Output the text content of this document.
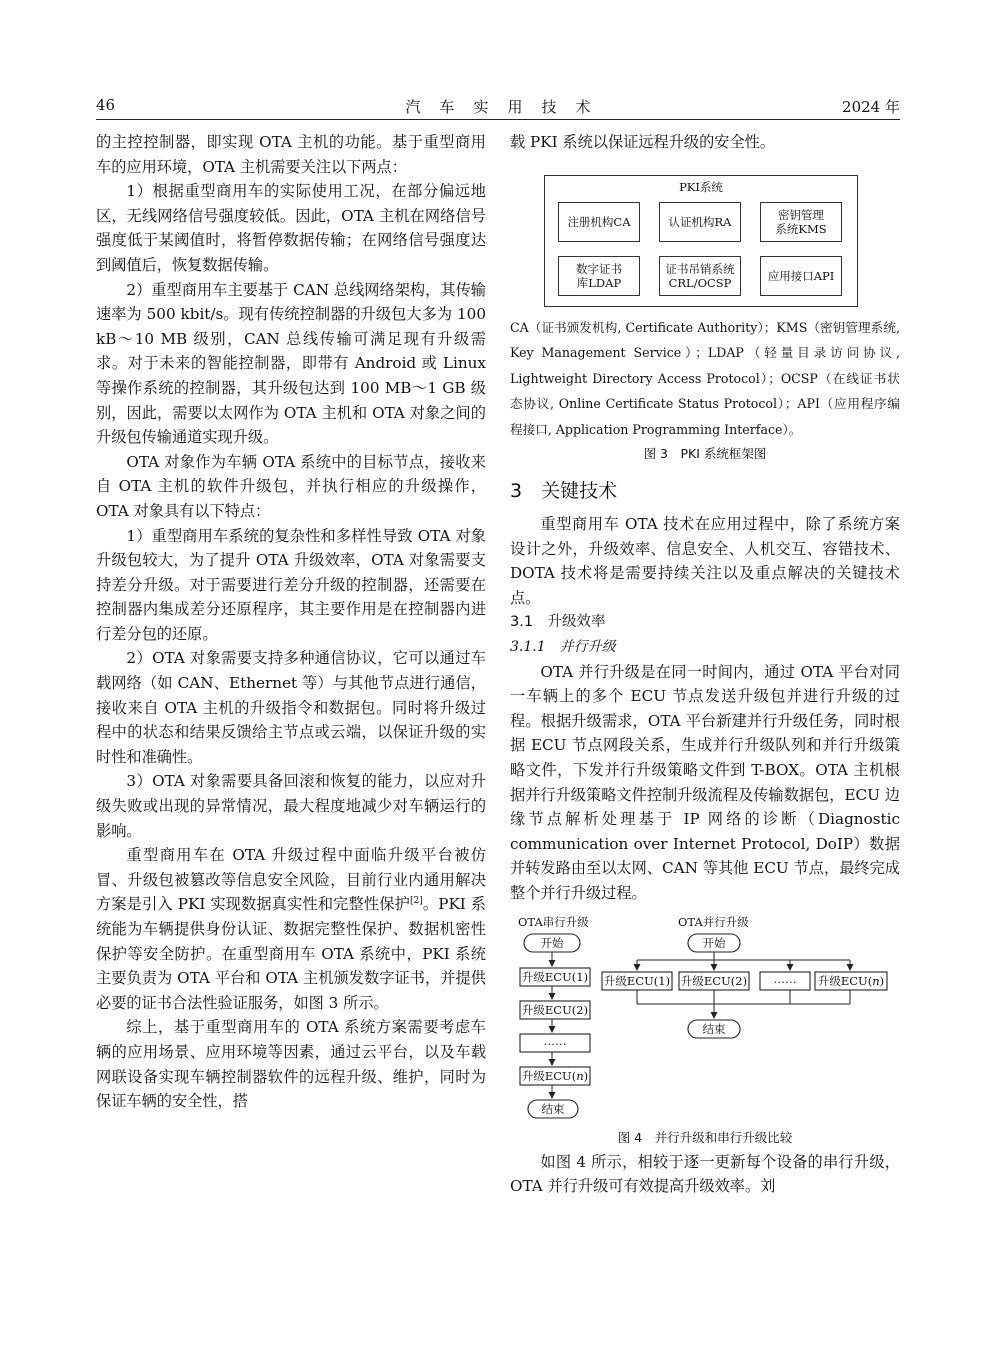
46	汽车实用技术	2024 年

的主控控制器，即实现 OTA 主机的功能。基于重型商用车的应用环境，OTA 主机需要关注以下两点：

1）根据重型商用车的实际使用工况，在部分偏远地区，无线网络信号强度较低。因此，OTA 主机在网络信号强度低于某阈值时，将暂停数据传输；在网络信号强度达到阈值后，恢复数据传输。

2）重型商用车主要基于 CAN 总线网络架构，其传输速率为 500 kbit/s。现有传统控制器的升级包大多为 100 kB～10 MB 级别，CAN 总线传输可满足现有升级需求。对于未来的智能控制器，即带有 Android 或 Linux 等操作系统的控制器，其升级包达到 100 MB～1 GB 级别，因此，需要以太网作为 OTA 主机和 OTA 对象之间的升级包传输通道实现升级。

OTA 对象作为车辆 OTA 系统中的目标节点，接收来自 OTA 主机的软件升级包，并执行相应的升级操作，OTA 对象具有以下特点：

1）重型商用车系统的复杂性和多样性导致 OTA 对象升级包较大，为了提升 OTA 升级效率，OTA 对象需要支持差分升级。对于需要进行差分升级的控制器，还需要在控制器内集成差分还原程序，其主要作用是在控制器内进行差分包的还原。

2）OTA 对象需要支持多种通信协议，它可以通过车载网络（如 CAN、Ethernet 等）与其他节点进行通信，接收来自 OTA 主机的升级指令和数据包。同时将升级过程中的状态和结果反馈给主节点或云端，以保证升级的实时性和准确性。

3）OTA 对象需要具备回滚和恢复的能力，以应对升级失败或出现的异常情况，最大程度地减少对车辆运行的影响。

重型商用车在 OTA 升级过程中面临升级平台被仿冒、升级包被篡改等信息安全风险，目前行业内通用解决方案是引入 PKI 实现数据真实性和完整性保护[2]。PKI 系统能为车辆提供身份认证、数据完整性保护、数据机密性保护等安全防护。在重型商用车 OTA 系统中，PKI 系统主要负责为 OTA 平台和 OTA 主机颁发数字证书，并提供必要的证书合法性验证服务，如图 3 所示。

综上，基于重型商用车的 OTA 系统方案需要考虑车辆的应用场景、应用环境等因素，通过云平台，以及车载网联设备实现车辆控制器软件的远程升级、维护，同时为保证车辆的安全性，搭

载 PKI 系统以保证远程升级的安全性。

PKI系统
注册机构CA	认证机构RA	密钥管理
系统KMS
数字证书
库LDAP
证书吊销系统
CRL/OCSP	应用接口API

CA（证书颁发机构, Certificate Authority）；KMS（密钥管理系统, Key Management Service）；LDAP（轻量目录访问协议, Lightweight Directory Access Protocol）；OCSP（在线证书状态协议, Online Certificate Status Protocol）；API（应用程序编程接口, Application Programming Interface）。

图 3　PKI 系统框架图

3　关键技术

重型商用车 OTA 技术在应用过程中，除了系统方案设计之外，升级效率、信息安全、人机交互、容错技术、DOTA 技术将是需要持续关注以及重点解决的关键技术点。

3.1　升级效率

3.1.1　并行升级

OTA 并行升级是在同一时间内，通过 OTA 平台对同一车辆上的多个 ECU 节点发送升级包并进行升级的过程。根据升级需求，OTA 平台新建并行升级任务，同时根据 ECU 节点网段关系，生成并行升级队列和并行升级策略文件，下发并行升级策略文件到 T-BOX。OTA 主机根据并行升级策略文件控制升级流程及传输数据包，ECU 边缘节点解析处理基于 IP 网络的诊断（Diagnostic communication over Internet Protocol, DoIP）数据并转发路由至以太网、CAN 等其他 ECU 节点，最终完成整个并行升级过程。

OTA串行升级
开始
升级ECU(1)
升级ECU(2)
……
升级ECU(n)
结束
OTA并行升级
开始
升级ECU(1) 升级ECU(2) …… 升级ECU(n)
结束

图 4　并行升级和串行升级比较

如图 4 所示，相较于逐一更新每个设备的串行升级，OTA 并行升级可有效提高升级效率。刘
